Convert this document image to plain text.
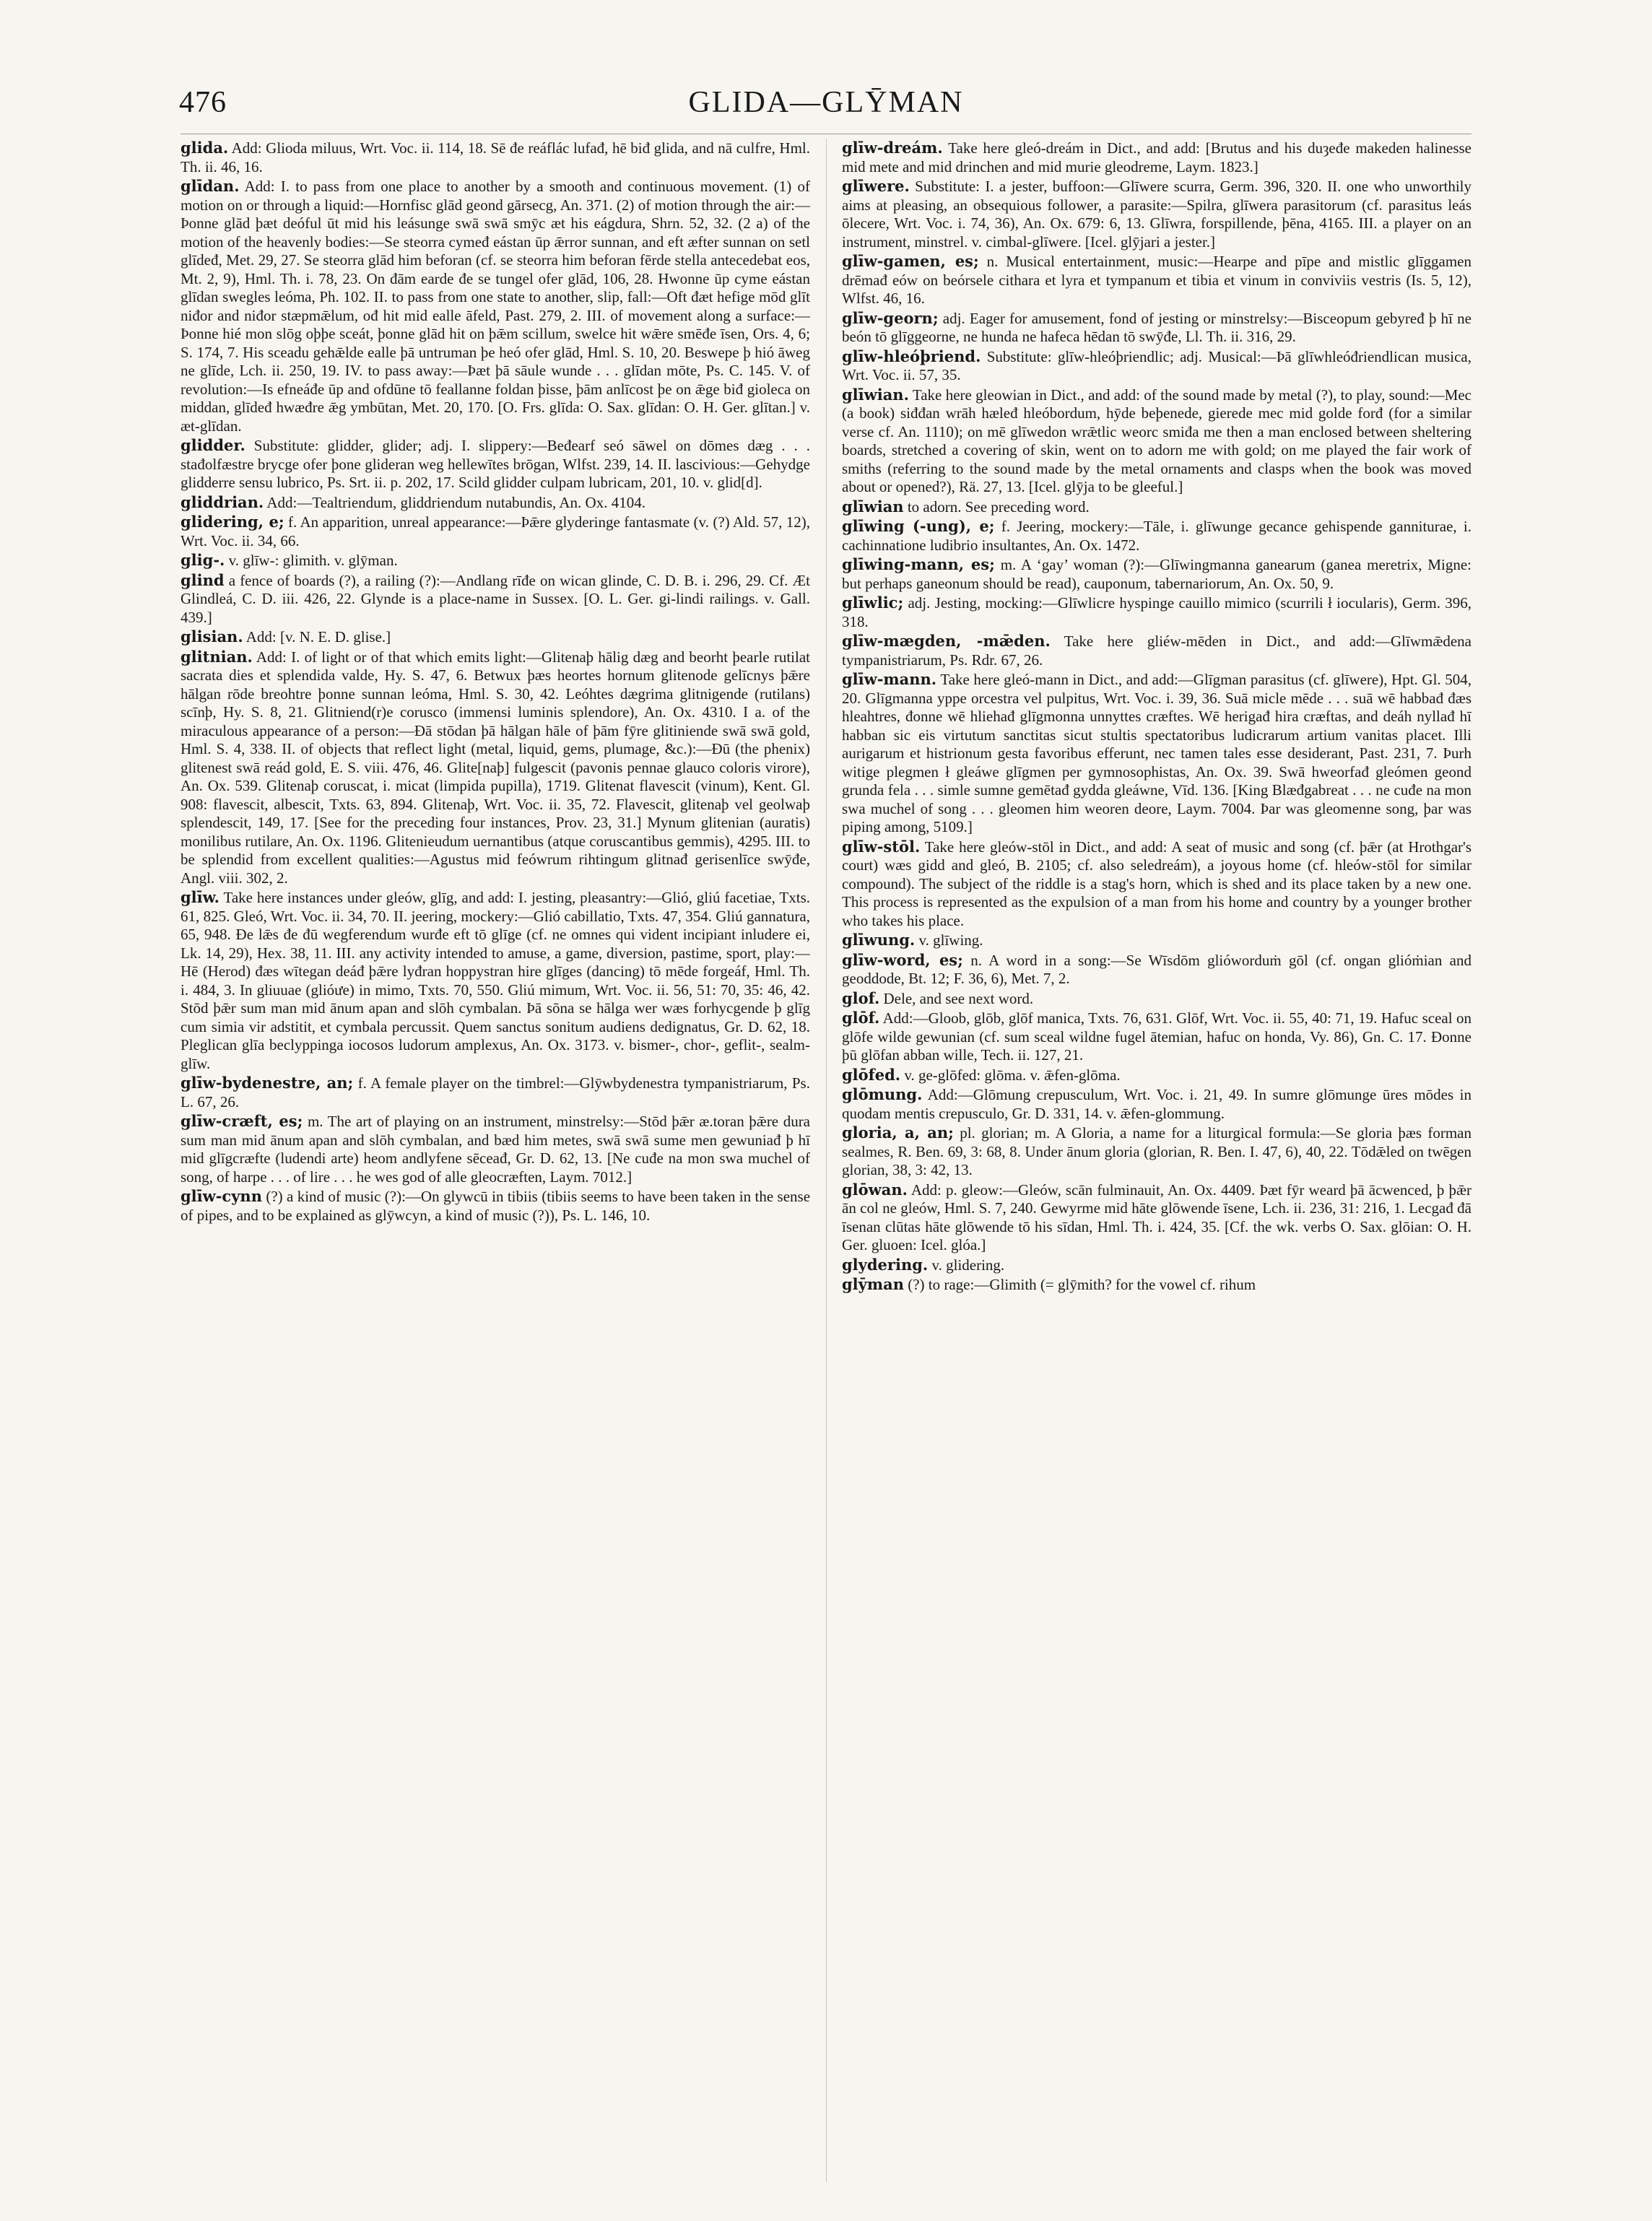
476	GLIDA—GLȲMAN

glida. Add: Glioda miluus, Wrt. Voc. ii. 114, 18. Sē đe reáflác lufađ, hē biđ glida, and nā culfre, Hml. Th. ii. 46, 16.

glīdan. Add: I. to pass from one place to another by a smooth and continuous movement. (1) of motion on or through a liquid:—Hornfisc glād geond gārsecg, An. 371. (2) of motion through the air:—Þonne glād þæt deóful ūt mid his leásunge swā swā smȳc æt his eágdura, Shrn. 52, 32. (2 a) of the motion of the heavenly bodies:—Se steorra cymeđ eástan ūp ǣrror sunnan, and eft æfter sunnan on setl glīdeđ, Met. 29, 27. Se steorra glād him beforan (cf. se steorra him beforan fērde stella antecedebat eos, Mt. 2, 9), Hml. Th. i. 78, 23. On đām earde đe se tungel ofer glād, 106, 28. Hwonne ūp cyme eástan glīdan swegles leóma, Ph. 102. II. to pass from one state to another, slip, fall:—Oft đæt hefige mōd glīt niđor and niđor stæpmǣlum, ođ hit mid ealle āfeld, Past. 279, 2. III. of movement along a surface:—Þonne hié mon slōg oþþe sceát, þonne glād hit on þǣm scillum, swelce hit wǣre smēđe īsen, Ors. 4, 6; S. 174, 7. His sceadu gehǣlde ealle þā untruman þe heó ofer glād, Hml. S. 10, 20. Beswepe þ hió āweg ne glīde, Lch. ii. 250, 19. IV. to pass away:—Þæt þā sāule wunde . . . glīdan mōte, Ps. C. 145. V. of revolution:—Is efneáđe ūp and ofdūne tō feallanne foldan þisse, þām anlīcost þe on ǣge biđ gioleca on middan, glīdeđ hwæđre ǣg ymbūtan, Met. 20, 170. [O. Frs. glīda: O. Sax. glīdan: O. H. Ger. glītan.] v. æt-glīdan.

glidder. Substitute: glidder, glider; adj. I. slippery:—Beđearf seó sāwel on dōmes dæg . . . stađolfæstre brycge ofer þone glideran weg hellewītes brōgan, Wlfst. 239, 14. II. lascivious:—Gehydge glidderre sensu lubrico, Ps. Srt. ii. p. 202, 17. Scild glidder culpam lubricam, 201, 10. v. glid[d].

gliddrian. Add:—Tealtriendum, gliddriendum nutabundis, An. Ox. 4104.

glidering, e; f. An apparition, unreal appearance:—Þǣre glyderinge fantasmate (v. (?) Ald. 57, 12), Wrt. Voc. ii. 34, 66.

glig-. v. glīw-: glimith. v. glȳman.

glind a fence of boards (?), a railing (?):—Andlang rīđe on wican glinde, C. D. B. i. 296, 29. Cf. Æt Glindleá, C. D. iii. 426, 22. Glynde is a place-name in Sussex. [O. L. Ger. gi-lindi railings. v. Gall. 439.]

glisian. Add: [v. N. E. D. glise.]

glitnian. Add: I. of light or of that which emits light:—Glitenaþ hālig dæg and beorht þearle rutilat sacrata dies et splendida valde, Hy. S. 47, 6. Betwux þæs heortes hornum glitenode gelīcnys þǣre hālgan rōde breohtre þonne sunnan leóma, Hml. S. 30, 42. Leóhtes dægrima glitnigende (rutilans) scīnþ, Hy. S. 8, 21. Glitniend(r)e corusco (immensi luminis splendore), An. Ox. 4310. I a. of the miraculous appearance of a person:—Đā stōdan þā hālgan hāle of þām fȳre glitiniende swā swā gold, Hml. S. 4, 338. II. of objects that reflect light (metal, liquid, gems, plumage, &c.):—Đū (the phenix) glitenest swā reád gold, E. S. viii. 476, 46. Glite[naþ] fulgescit (pavonis pennae glauco coloris virore), An. Ox. 539. Glitenaþ coruscat, i. micat (limpida pupilla), 1719. Glitenat flavescit (vinum), Kent. Gl. 908: flavescit, albescit, Txts. 63, 894. Glitenaþ, Wrt. Voc. ii. 35, 72. Flavescit, glitenaþ vel geolwaþ splendescit, 149, 17. [See for the preceding four instances, Prov. 23, 31.] Mynum glitenian (auratis) monilibus rutilare, An. Ox. 1196. Glitenieudum uernantibus (atque coruscantibus gemmis), 4295. III. to be splendid from excellent qualities:—Agustus mid feówrum rihtingum glitnađ gerisenlīce swȳđe, Angl. viii. 302, 2.

glīw. Take here instances under gleów, glīg, and add: I. jesting, pleasantry:—Glió, gliú facetiae, Txts. 61, 825. Gleó, Wrt. Voc. ii. 34, 70. II. jeering, mockery:—Glió cabillatio, Txts. 47, 354. Gliú gannatura, 65, 948. Đe lǣs đe đū wegferendum wurđe eft tō glīge (cf. ne omnes qui vident incipiant inludere ei, Lk. 14, 29), Hex. 38, 11. III. any activity intended to amuse, a game, diversion, pastime, sport, play:—Hē (Herod) đæs wītegan deáđ þǣre lyđran hoppystran hire glīges (dancing) tō mēde forgeáf, Hml. Th. i. 484, 3. In gliuuae (glióưe) in mimo, Txts. 70, 550. Gliú mimum, Wrt. Voc. ii. 56, 51: 70, 35: 46, 42. Stōd þǣr sum man mid ānum apan and slōh cymbalan. Þā sōna se hālga wer wæs forhycgende þ glīg cum simia vir adstitit, et cymbala percussit. Quem sanctus sonitum audiens dedignatus, Gr. D. 62, 18. Pleglican glīa beclyppinga iocosos ludorum amplexus, An. Ox. 3173. v. bismer-, chor-, geflit-, sealm-glīw.

glīw-bydenestre, an; f. A female player on the timbrel:—Glȳwbydenestra tympanistriarum, Ps. L. 67, 26.

glīw-cræft, es; m. The art of playing on an instrument, minstrelsy:—Stōd þǣr æ.toran þǣre dura sum man mid ānum apan and slōh cymbalan, and bæd him metes, swā swā sume men gewuniađ þ hī mid glīgcræfte (ludendi arte) heom andlyfene sēceađ, Gr. D. 62, 13. [Ne cuđe na mon swa muchel of song, of harpe . . . of lire . . . he wes god of alle gleocræften, Laym. 7012.]

glīw-cynn (?) a kind of music (?):—On glywcū in tibiis (tibiis seems to have been taken in the sense of pipes, and to be explained as glȳwcyn, a kind of music (?)), Ps. L. 146, 10.

glīw-dreám. Take here gleó-dreám in Dict., and add: [Brutus and his duȝeđe makeden halinesse mid mete and mid drinchen and mid murie gleodreme, Laym. 1823.]

glīwere. Substitute: I. a jester, buffoon:—Glīwere scurra, Germ. 396, 320. II. one who unworthily aims at pleasing, an obsequious follower, a parasite:—Spilra, glīwera parasitorum (cf. parasitus leás ōlecere, Wrt. Voc. i. 74, 36), An. Ox. 679: 6, 13. Glīwra, forspillende, þēna, 4165. III. a player on an instrument, minstrel. v. cimbal-glīwere. [Icel. glȳjari a jester.]

glīw-gamen, es; n. Musical entertainment, music:—Hearpe and pīpe and mistlic glīggamen drēmađ eów on beórsele cithara et lyra et tympanum et tibia et vinum in conviviis vestris (Is. 5, 12), Wlfst. 46, 16.

glīw-georn; adj. Eager for amusement, fond of jesting or minstrelsy:—Bisceopum gebyređ þ hī ne beón tō glīggeorne, ne hunda ne hafeca hēdan tō swȳđe, Ll. Th. ii. 316, 29.

glīw-hleóþriend. Substitute: glīw-hleóþriendlic; adj. Musical:—Þā glīwhleóđriendlican musica, Wrt. Voc. ii. 57, 35.

glīwian. Take here gleowian in Dict., and add: of the sound made by metal (?), to play, sound:—Mec (a book) siđđan wrāh hæleđ hleóbordum, hȳde beþenede, gierede mec mid golde forđ (for a similar verse cf. An. 1110); on mē glīwedon wrǣtlic weorc smiđa me then a man enclosed between sheltering boards, stretched a covering of skin, went on to adorn me with gold; on me played the fair work of smiths (referring to the sound made by the metal ornaments and clasps when the book was moved about or opened?), Rä. 27, 13. [Icel. glȳja to be gleeful.]

glīwian to adorn. See preceding word.

glīwing (-ung), e; f. Jeering, mockery:—Tāle, i. glīwunge gecance gehispende ganniturae, i. cachinnatione ludibrio insultantes, An. Ox. 1472.

glīwing-mann, es; m. A ‘gay’ woman (?):—Glīwingmanna ganearum (ganea meretrix, Migne: but perhaps ganeonum should be read), cauponum, tabernariorum, An. Ox. 50, 9.

glīwlic; adj. Jesting, mocking:—Glīwlicre hyspinge cauillo mimico (scurrili ł iocularis), Germ. 396, 318.

glīw-mægden, -mǣden. Take here gliéw-mēden in Dict., and add:—Glīwmǣdena tympanistriarum, Ps. Rdr. 67, 26.

glīw-mann. Take here gleó-mann in Dict., and add:—Glīgman parasitus (cf. glīwere), Hpt. Gl. 504, 20. Glīgmanna yppe orcestra vel pulpitus, Wrt. Voc. i. 39, 36. Suā micle mēde . . . suā wē habbađ đæs hleahtres, đonne wē hliehađ glīgmonna unnyttes cræftes. Wē herigađ hira cræftas, and deáh nyllađ hī habban sic eis virtutum sanctitas sicut stultis spectatoribus ludicrarum artium vanitas placet. Illi aurigarum et histrionum gesta favoribus efferunt, nec tamen tales esse desiderant, Past. 231, 7. Þurh witige plegmen ł gleáwe glīgmen per gymnosophistas, An. Ox. 39. Swā hweorfađ gleómen geond grunda fela . . . simle sumne gemētađ gydda gleáwne, Vīd. 136. [King Blæđgabreat . . . ne cuđe na mon swa muchel of song . . . gleomen him weoren deore, Laym. 7004. Þar was gleomenne song, þar was piping among, 5109.]

glīw-stōl. Take here gleów-stōl in Dict., and add: A seat of music and song (cf. þǣr (at Hrothgar's court) wæs gidd and gleó, B. 2105; cf. also seledreám), a joyous home (cf. hleów-stōl for similar compound). The subject of the riddle is a stag's horn, which is shed and its place taken by a new one. This process is represented as the expulsion of a man from his home and country by a younger brother who takes his place.

glīwung. v. glīwing.

glīw-word, es; n. A word in a song:—Se Wīsdōm glióworduṁ gōl (cf. ongan glióṁian and geoddode, Bt. 12; F. 36, 6), Met. 7, 2.

glof. Dele, and see next word.

glōf. Add:—Gloob, glōb, glōf manica, Txts. 76, 631. Glōf, Wrt. Voc. ii. 55, 40: 71, 19. Hafuc sceal on glōfe wilde gewunian (cf. sum sceal wildne fugel ātemian, hafuc on honda, Vy. 86), Gn. C. 17. Đonne þū glōfan abban wille, Tech. ii. 127, 21.

glōfed. v. ge-glōfed: glōma. v. ǣfen-glōma.

glōmung. Add:—Glōmung crepusculum, Wrt. Voc. i. 21, 49. In sumre glōmunge ūres mōdes in quodam mentis crepusculo, Gr. D. 331, 14. v. ǣfen-glommung.

gloria, a, an; pl. glorian; m. A Gloria, a name for a liturgical formula:—Se gloria þæs forman sealmes, R. Ben. 69, 3: 68, 8. Under ānum gloria (glorian, R. Ben. I. 47, 6), 40, 22. Tōdǣled on twēgen glorian, 38, 3: 42, 13.

glōwan. Add: p. gleow:—Gleów, scān fulminauit, An. Ox. 4409. Þæt fȳr weard þā ācwenced, þ þǣr ān col ne gleów, Hml. S. 7, 240. Gewyrme mid hāte glōwende īsene, Lch. ii. 236, 31: 216, 1. Lecgađ đā īsenan clūtas hāte glōwende tō his sīdan, Hml. Th. i. 424, 35. [Cf. the wk. verbs O. Sax. glōian: O. H. Ger. gluoen: Icel. glóa.]

glydering. v. glidering.

glȳman (?) to rage:—Glimith (= glȳmith? for the vowel cf. rihum
